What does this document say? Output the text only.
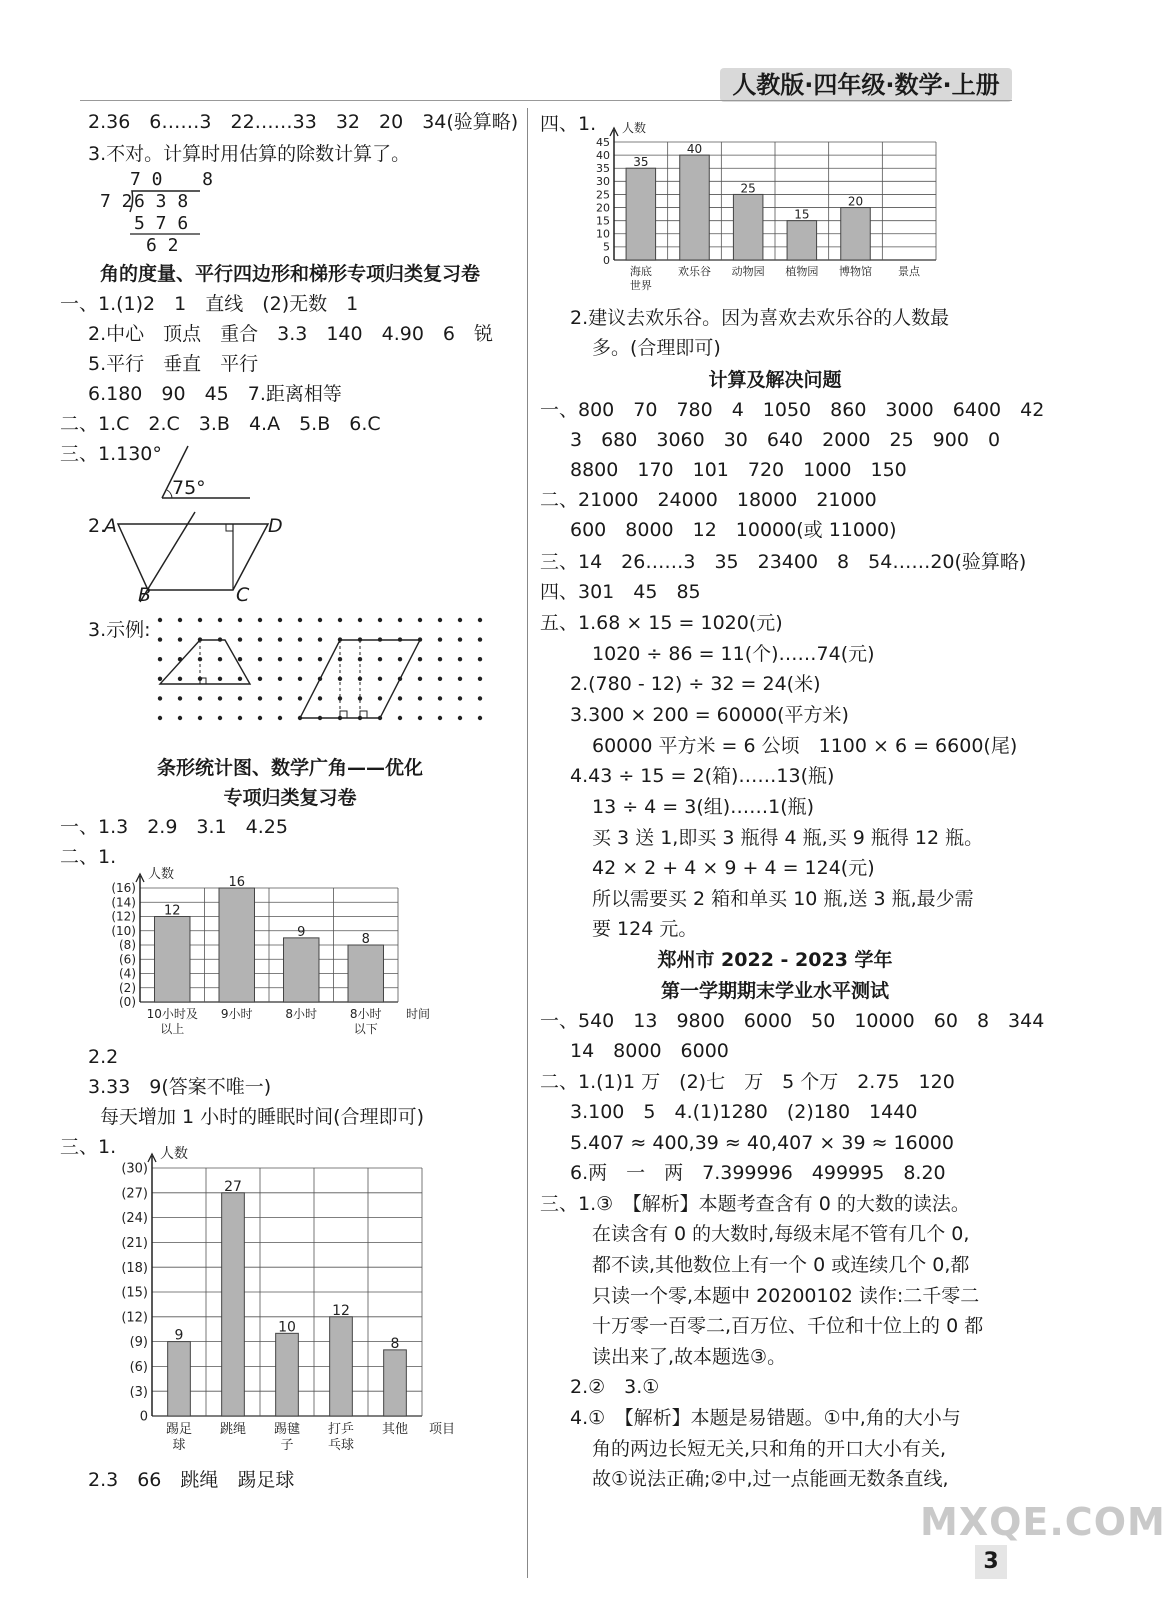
人教版·四年级·数学·上册
2.36　6……3　22……33　32　20　34(验算略)
3.不对。计算时用估算的除数计算了。
7 0 　 8
7 2 6 3 8
5 7 6
6 2
角的度量、平行四边形和梯形专项归类复习卷
一、1.(1)2　1　直线　(2)无数　1
2.中心　顶点　重合　3.3　140　4.90　6　锐
5.平行　垂直　平行
6.180　90　45　7.距离相等
二、1.C　2.C　3.B　4.A　5.B　6.C
三、1.130°
75°
2.
A
B	C
D
3.示例:
条形统计图、数学广角——优化
专项归类复习卷
一、1.3　2.9　3.1　4.25
二、1.
(0)
(2)
(4)
(6)
(8)
(10)
(12)
(14)
(16)
人数
12
10小时及
以上
16
9小时
9
8小时
8
8小时
以下
时间
2.2
3.33　9(答案不唯一)
每天增加 1 小时的睡眠时间(合理即可)
三、1.
0
(3)
(6)
(9)
(12)
(15)
(18)
(21)
(24)
(27)
(30)
人数
9
踢足
球
27
跳绳
10
踢毽
子
12
打乒
乓球
8
其他 项目
2.3　66　跳绳　踢足球
四、1.
0
5
10
15
20
25
30
35
40
45
人数
35
海底
世界
40
欢乐谷
25
动物园
15
植物园
20
博物馆 景点
2.建议去欢乐谷。因为喜欢去欢乐谷的人数最
多。(合理即可)
计算及解决问题
一、800　70　780　4　1050　860　3000　6400　42
3　680　3060　30　640　2000　25　900　0
8800　170　101　720　1000　150
二、21000　24000　18000　21000
600　8000　12　10000(或 11000)
三、14　26……3　35　23400　8　54……20(验算略)
四、301　45　85
五、1.68 × 15 = 1020(元)
1020 ÷ 86 = 11(个)……74(元)
2.(780 - 12) ÷ 32 = 24(米)
3.300 × 200 = 60000(平方米)
60000 平方米 = 6 公顷　1100 × 6 = 6600(尾)
4.43 ÷ 15 = 2(箱)……13(瓶)
13 ÷ 4 = 3(组)……1(瓶)
买 3 送 1,即买 3 瓶得 4 瓶,买 9 瓶得 12 瓶。
42 × 2 + 4 × 9 + 4 = 124(元)
所以需要买 2 箱和单买 10 瓶,送 3 瓶,最少需
要 124 元。
郑州市 2022 - 2023 学年
第一学期期末学业水平测试
一、540　13　9800　6000　50　10000　60　8　344
14　8000　6000
二、1.(1)1 万　(2)七　万　5 个万　2.75　120
3.100　5　4.(1)1280　(2)180　1440
5.407 ≈ 400,39 ≈ 40,407 × 39 ≈ 16000
6.两　一　两　7.399996　499995　8.20
三、1.③　【解析】本题考查含有 0 的大数的读法。
在读含有 0 的大数时,每级末尾不管有几个 0,
都不读,其他数位上有一个 0 或连续几个 0,都
只读一个零,本题中 20200102 读作:二千零二
十万零一百零二,百万位、千位和十位上的 0 都
读出来了,故本题选③。
2.②　3.①
4.①　【解析】本题是易错题。①中,角的大小与
角的两边长短无关,只和角的开口大小有关,
故①说法正确;②中,过一点能画无数条直线,
MXQE.COM
3
